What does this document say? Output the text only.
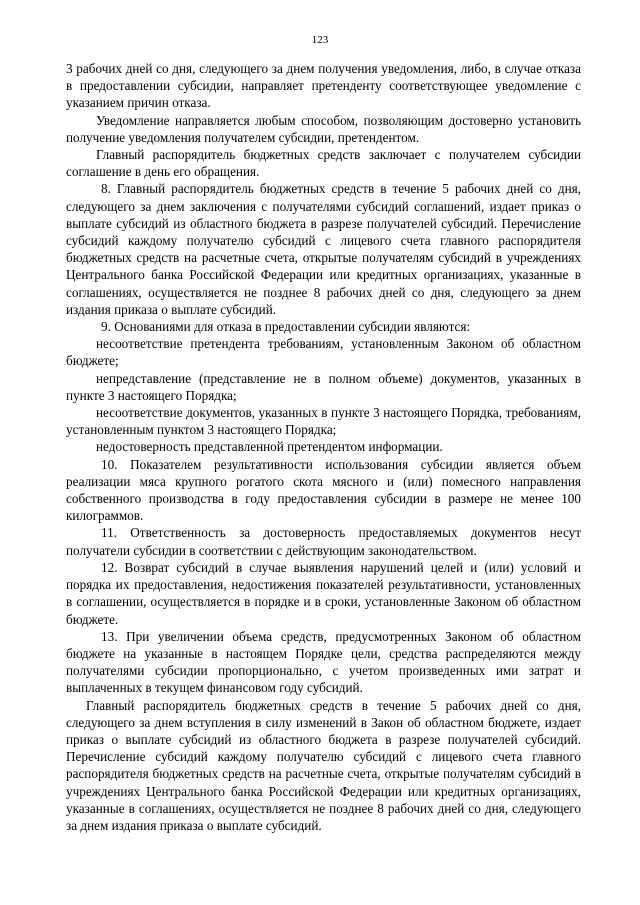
123

3 рабочих дней со дня, следующего за днем получения уведомления, либо, в случае отказа в предоставлении субсидии, направляет претенденту соответствующее уведомление с указанием причин отказа.

Уведомление направляется любым способом, позволяющим достоверно установить получение уведомления получателем субсидии, претендентом.

Главный распорядитель бюджетных средств заключает с получателем субсидии соглашение в день его обращения.

8. Главный распорядитель бюджетных средств в течение 5 рабочих дней со дня, следующего за днем заключения с получателями субсидий соглашений, издает приказ о выплате субсидий из областного бюджета в разрезе получателей субсидий. Перечисление субсидий каждому получателю субсидий с лицевого счета главного распорядителя бюджетных средств на расчетные счета, открытые получателям субсидий в учреждениях Центрального банка Российской Федерации или кредитных организациях, указанные в соглашениях, осуществляется не позднее 8 рабочих дней со дня, следующего за днем издания приказа о выплате субсидий.

9. Основаниями для отказа в предоставлении субсидии являются:

несоответствие претендента требованиям, установленным Законом об областном бюджете;

непредставление (представление не в полном объеме) документов, указанных в пункте 3 настоящего Порядка;

несоответствие документов, указанных в пункте 3 настоящего Порядка, требованиям, установленным пунктом 3 настоящего Порядка;

недостоверность представленной претендентом информации.

10. Показателем результативности использования субсидии является объем реализации мяса крупного рогатого скота мясного и (или) помесного направления собственного производства в году предоставления субсидии в размере не менее 100 килограммов.

11. Ответственность за достоверность предоставляемых документов несут получатели субсидии в соответствии с действующим законодательством.

12. Возврат субсидий в случае выявления нарушений целей и (или) условий и порядка их предоставления, недостижения показателей результативности, установленных в соглашении, осуществляется в порядке и в сроки, установленные Законом об областном бюджете.

13. При увеличении объема средств, предусмотренных Законом об областном бюджете на указанные в настоящем Порядке цели, средства распределяются между получателями субсидии пропорционально, с учетом произведенных ими затрат и выплаченных в текущем финансовом году субсидий.

Главный распорядитель бюджетных средств в течение 5 рабочих дней со дня, следующего за днем вступления в силу изменений в Закон об областном бюджете, издает приказ о выплате субсидий из областного бюджета в разрезе получателей субсидий. Перечисление субсидий каждому получателю субсидий с лицевого счета главного распорядителя бюджетных средств на расчетные счета, открытые получателям субсидий в учреждениях Центрального банка Российской Федерации или кредитных организациях, указанные в соглашениях, осуществляется не позднее 8 рабочих дней со дня, следующего за днем издания приказа о выплате субсидий.
